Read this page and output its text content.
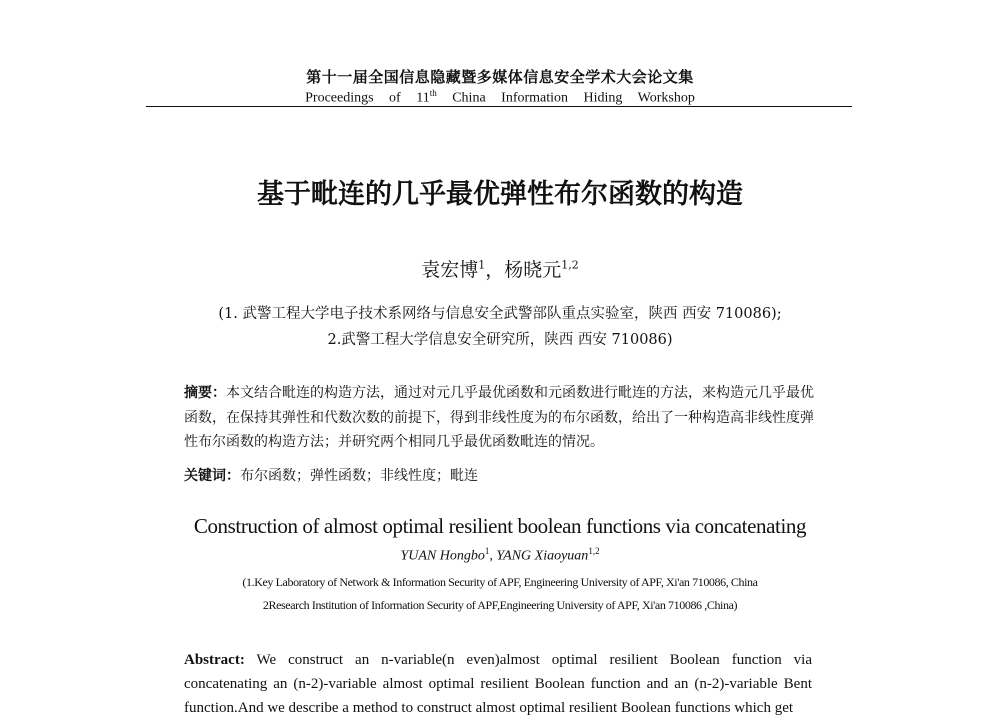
第十一届全国信息隐藏暨多媒体信息安全学术大会论文集
Proceedings of 11th China Information Hiding Workshop
基于毗连的几乎最优弹性布尔函数的构造
袁宏博$^1$，杨晓元$^{1,2}$
(1. 武警工程大学电子技术系网络与信息安全武警部队重点实验室，陕西 西安 710086);
2.武警工程大学信息安全研究所，陕西 西安 710086)
摘要：本文结合毗连的构造方法，通过对元几乎最优函数和元函数进行毗连的方法，来构造元几乎最优函数，在保持其弹性和代数次数的前提下，得到非线性度为的布尔函数，给出了一种构造高非线性度弹性布尔函数的构造方法；并研究两个相同几乎最优函数毗连的情况。
关键词：布尔函数；弹性函数；非线性度；毗连
Construction of almost optimal resilient boolean functions via concatenating
YUAN Hongbo$^1$, YANG Xiaoyuan$^{1,2}$
(1.Key Laboratory of Network & Information Security of APF, Engineering University of APF, Xi'an 710086, China
2Research Institution of Information Security of APF,Engineering University of APF, Xi'an 710086 ,China)
Abstract: We construct an n-variable(n even)almost optimal resilient Boolean function via concatenating an (n-2)-variable almost optimal resilient Boolean function and an (n-2)-variable Bent function.And we describe a method to construct almost optimal resilient Boolean functions which get
